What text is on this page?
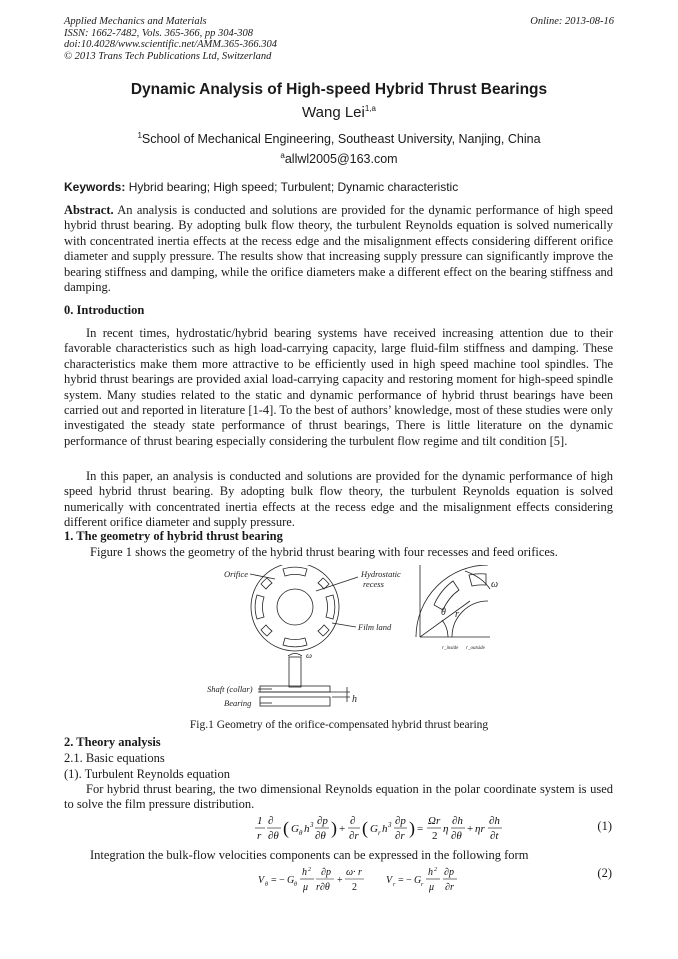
Applied Mechanics and Materials
ISSN: 1662-7482, Vols. 365-366, pp 304-308
doi:10.4028/www.scientific.net/AMM.365-366.304
© 2013 Trans Tech Publications Ltd, Switzerland
Online: 2013-08-16
Dynamic Analysis of High-speed Hybrid Thrust Bearings
Wang Lei$^{1,a}$
$^1$School of Mechanical Engineering, Southeast University, Nanjing, China
$^a$allwl2005@163.com
Keywords: Hybrid bearing; High speed; Turbulent; Dynamic characteristic
Abstract. An analysis is conducted and solutions are provided for the dynamic performance of high speed hybrid thrust bearing. By adopting bulk flow theory, the turbulent Reynolds equation is solved numerically with concentrated inertia effects at the recess edge and the misalignment effects considering different orifice diameter and supply pressure. The results show that increasing supply pressure can significantly improve the bearing stiffness and damping, while the orifice diameters make a different effect on the bearing stiffness and damping.
0. Introduction
In recent times, hydrostatic/hybrid bearing systems have received increasing attention due to their favorable characteristics such as high load-carrying capacity, large fluid-film stiffness and damping. These characteristics make them more attractive to be efficiently used in high speed machine tool spindles. The hybrid thrust bearings are provided axial load-carrying capacity and restoring moment for high-speed spindle system. Many studies related to the static and dynamic performance of hybrid thrust bearings have been carried out and reported in literature [1-4]. To the best of authors’ knowledge, most of these studies were only investigated the steady state performance of thrust bearings, There is little literature on the dynamic performance of thrust bearing especially considering the turbulent flow regime and tilt condition [5].
In this paper, an analysis is conducted and solutions are provided for the dynamic performance of high speed hybrid thrust bearing. By adopting bulk flow theory, the turbulent Reynolds equation is solved numerically with concentrated inertia effects at the recess edge and the misalignment effects considering different orifice diameter and supply pressure.
1. The geometry of hybrid thrust bearing
Figure 1 shows the geometry of the hybrid thrust bearing with four recesses and feed orifices.
Orifice	Hydrostatic
recess
Film land
ω
Shaft (collar)
Bearing	h
θ r
ω
r_inside r_outside
Fig.1 Geometry of the orifice-compensated hybrid thrust bearing
2. Theory analysis
2.1. Basic equations
(1). Turbulent Reynolds equation
For hybrid thrust bearing, the two dimensional Reynolds equation in the polar coordinate system is used to solve the film pressure distribution.
1
r
∂
∂θ ( G θ h 3 ∂p
∂θ ) +
∂
∂r ( G r h 3 ∂p
∂r ) =
Ωr
2
η
∂h
∂θ
+ ηr
∂h
∂t
(1)
Integration the bulk-flow velocities components can be expressed in the following form
V θ = − G θ
h 2
μ
∂p
r∂θ
+
ω· r
2
V r = − G r
h 2
μ
∂p
∂r
(2)
